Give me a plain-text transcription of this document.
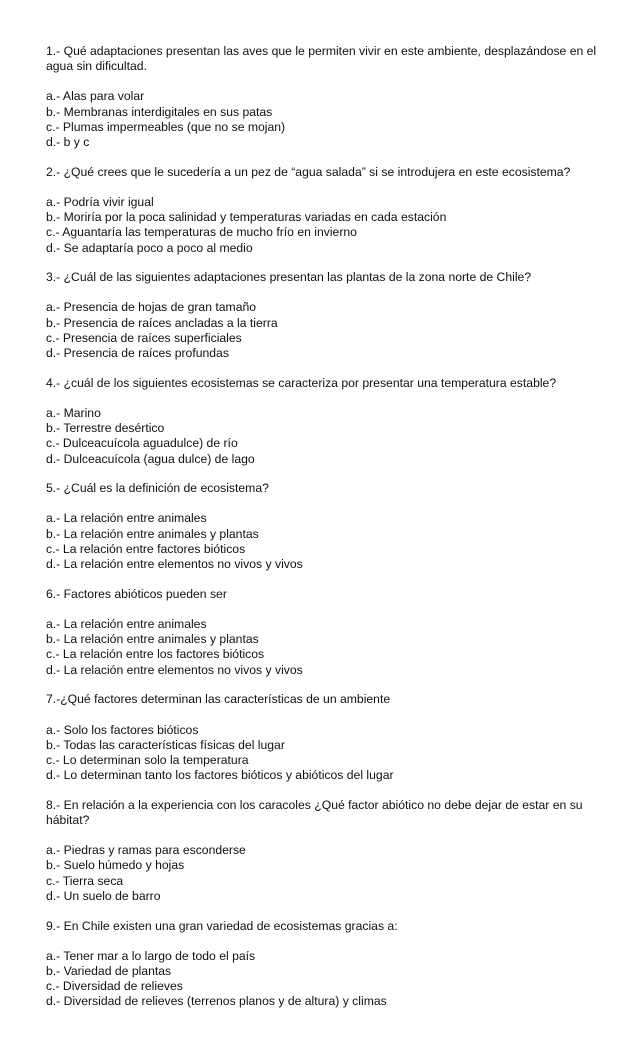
1.- Qué adaptaciones presentan las aves que le permiten vivir en este ambiente, desplazándose en el agua sin dificultad.

a.- Alas para volar

b.- Membranas interdigitales en sus patas

c.- Plumas impermeables (que no se mojan)

d.- b y c

2.- ¿Qué crees que le sucedería a un pez de “agua salada” si se introdujera en este ecosistema?

a.- Podría vivir igual

b.- Moriría por la poca salinidad y temperaturas variadas en cada estación

c.- Aguantaría las temperaturas de mucho frío en invierno

d.- Se adaptaría poco a poco al medio

3.- ¿Cuál de las siguientes adaptaciones presentan las plantas de la zona norte de Chile?

a.- Presencia de hojas de gran tamaño

b.- Presencia de raíces ancladas a la tierra

c.- Presencia de raíces superficiales

d.- Presencia de raíces profundas

4.- ¿cuál de los siguientes ecosistemas se caracteriza por presentar una temperatura estable?

a.- Marino

b.- Terrestre desértico

c.- Dulceacuícola aguadulce) de río

d.- Dulceacuícola (agua dulce) de lago

5.- ¿Cuál es la definición de ecosistema?

a.- La relación entre animales

b.- La relación entre animales y plantas

c.- La relación entre factores bióticos

d.- La relación entre elementos no vivos y vivos

6.- Factores abióticos pueden ser

a.- La relación entre animales

b.- La relación entre animales y plantas

c.- La relación entre los factores bióticos

d.- La relación entre elementos no vivos y vivos

7.-¿Qué factores determinan las características de un ambiente

a.- Solo los factores bióticos

b.- Todas las características físicas del lugar

c.- Lo determinan solo la temperatura

d.- Lo determinan tanto los factores bióticos y abióticos del lugar

8.- En relación a la experiencia con los caracoles ¿Qué factor abiótico no debe dejar de estar en su hábitat?

a.- Piedras y ramas para esconderse

b.- Suelo húmedo y hojas

c.- Tierra seca

d.- Un suelo de barro

9.- En Chile existen una gran variedad de ecosistemas gracias a:

a.- Tener mar a lo largo de todo el país

b.- Variedad de plantas

c.- Diversidad de relieves

d.- Diversidad de relieves (terrenos planos y de altura) y climas
